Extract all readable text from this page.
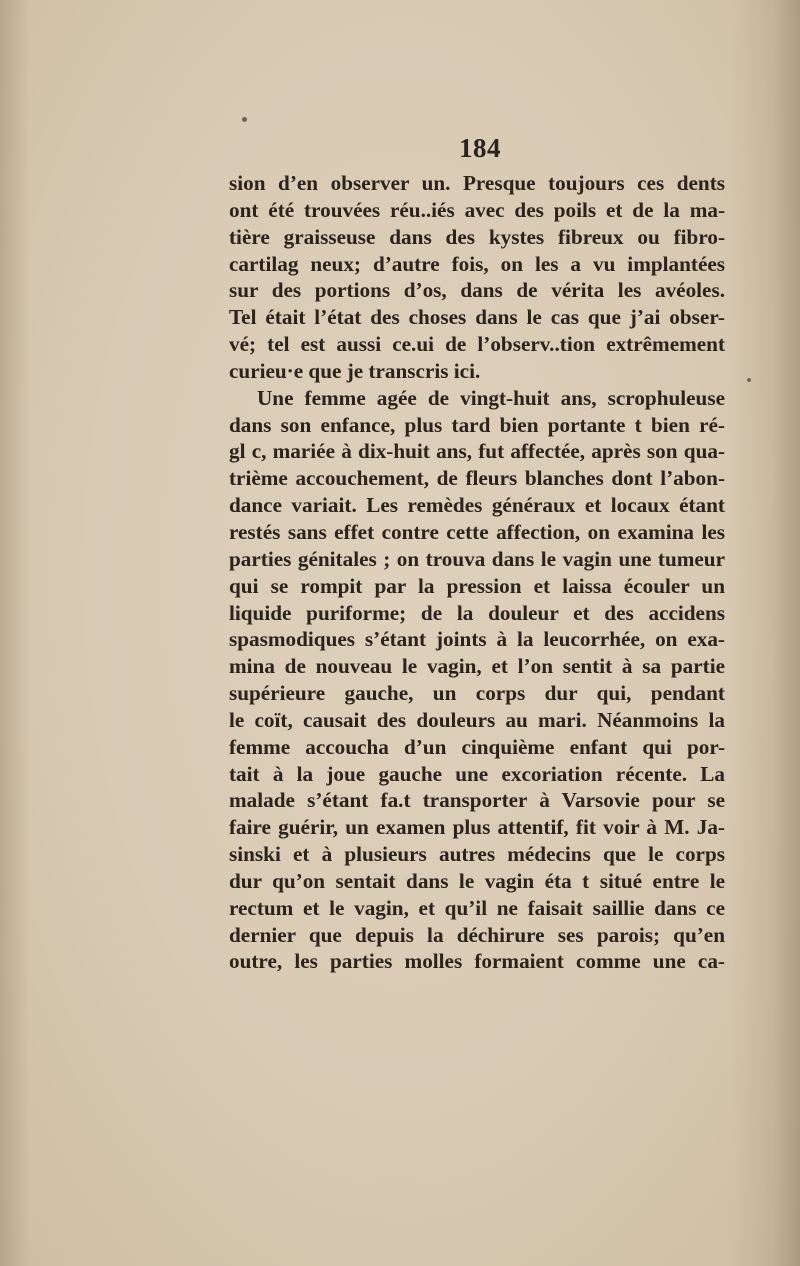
184
sion d’en observer un. Presque toujours ces dents
ont été trouvées réu..iés avec des poils et de la ma-
tière graisseuse dans des kystes fibreux ou fibro-
cartilag neux; d’autre fois, on les a vu implantées
sur des portions d’os, dans de vérita les avéoles.
Tel était l’état des choses dans le cas que j’ai obser-
vé; tel est aussi ce.ui de l’observ..tion extrêmement
curieu·e que je transcris ici.
Une femme agée de vingt-huit ans, scrophuleuse
dans son enfance, plus tard bien portante t bien ré-
gl c, mariée à dix-huit ans, fut affectée, après son qua-
trième accouchement, de fleurs blanches dont l’abon-
dance variait. Les remèdes généraux et locaux étant
restés sans effet contre cette affection, on examina les
parties génitales ; on trouva dans le vagin une tumeur
qui se rompit par la pression et laissa écouler un
liquide puriforme; de la douleur et des accidens
spasmodiques s’étant joints à la leucorrhée, on exa-
mina de nouveau le vagin, et l’on sentit à sa partie
supérieure gauche, un corps dur qui, pendant
le coït, causait des douleurs au mari. Néanmoins la
femme accoucha d’un cinquième enfant qui por-
tait à la joue gauche une excoriation récente. La
malade s’étant fa.t transporter à Varsovie pour se
faire guérir, un examen plus attentif, fit voir à M. Ja-
sinski et à plusieurs autres médecins que le corps
dur qu’on sentait dans le vagin éta t situé entre le
rectum et le vagin, et qu’il ne faisait saillie dans ce
dernier que depuis la déchirure ses parois; qu’en
outre, les parties molles formaient comme une ca-
